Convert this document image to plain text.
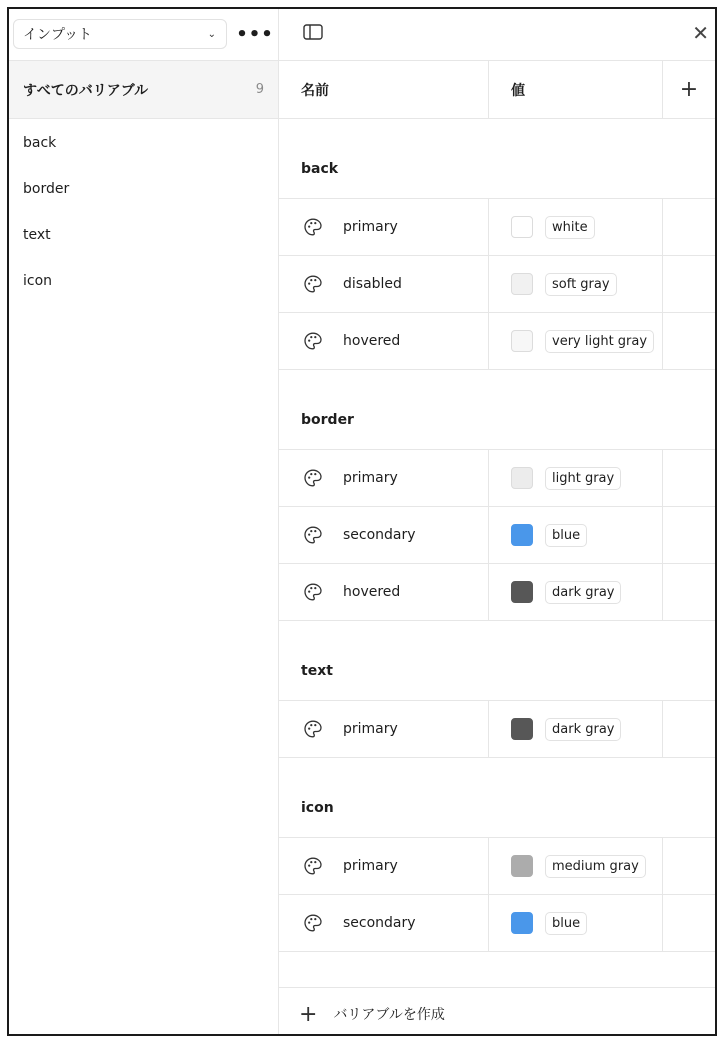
インプット	⌄ •••
すべてのバリアブル	9
back
border
text
icon
✕
名前	値	+
back
primary	white
disabled	soft gray
hovered	very light gray
border
primary	light gray
secondary	blue
hovered	dark gray
text
primary	dark gray
icon
primary	medium gray
secondary	blue
+ バリアブルを作成
